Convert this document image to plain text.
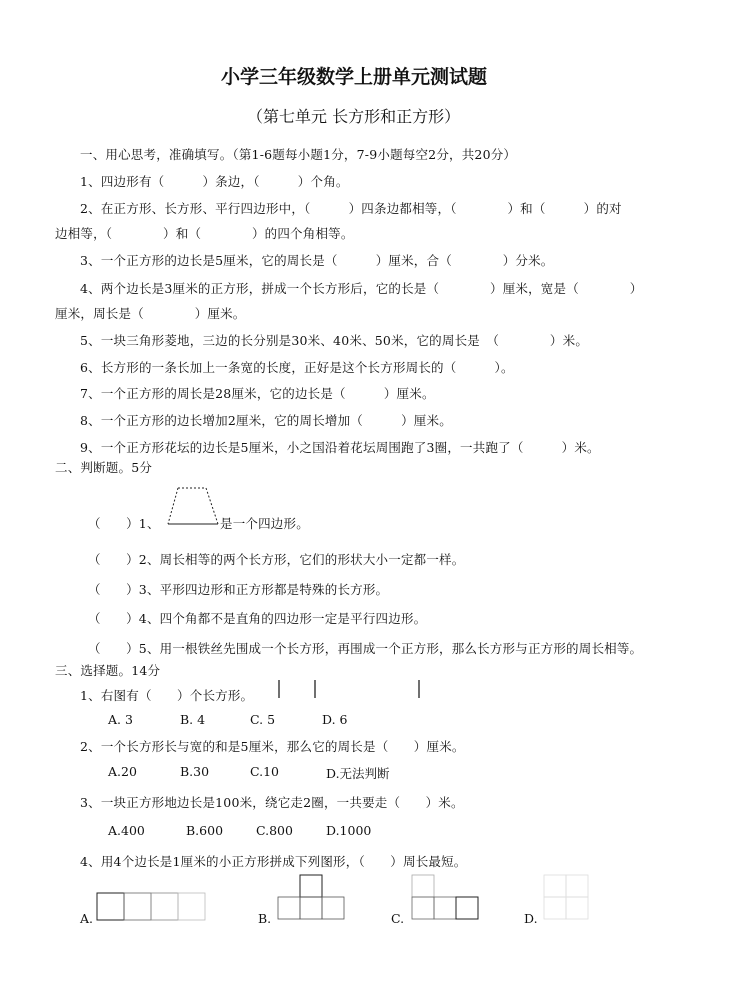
小学三年级数学上册单元测试题
（第七单元 长方形和正方形）
一、用心思考，准确填写。（第1-6题每小题1分，7-9小题每空2分，共20分）
1、四边形有（　　　）条边，（　　　）个角。
2、在正方形、长方形、平行四边形中，（　　　）四条边都相等，（　　　　）和（　　　）的对
边相等，（　　　　）和（　　　　）的四个角相等。
3、一个正方形的边长是5厘米，它的周长是（　　　）厘米，合（　　　　）分米。
4、两个边长是3厘米的正方形，拼成一个长方形后，它的长是（　　　　）厘米，宽是（　　　　）
厘米，周长是（　　　　）厘米。
5、一块三角形菱地，三边的长分别是30米、40米、50米，它的周长是　（　　　　）米。
6、长方形的一条长加上一条宽的长度，正好是这个长方形周长的（　　　）。
7、一个正方形的周长是28厘米，它的边长是（　　　）厘米。
8、一个正方形的边长增加2厘米，它的周长增加（　　　）厘米。
9、一个正方形花坛的边长是5厘米，小之国沿着花坛周围跑了3圈，一共跑了（　　　）米。
二、判断题。5分
（　　）1、	是一个四边形。
（　　）2、周长相等的两个长方形，它们的形状大小一定都一样。
（　　）3、平形四边形和正方形都是特殊的长方形。
（　　）4、四个角都不是直角的四边形一定是平行四边形。
（　　）5、用一根铁丝先围成一个长方形，再围成一个正方形，那么长方形与正方形的周长相等。
三、选择题。14分
1、右图有（　　）个长方形。
A. 3	B. 4	C. 5	D. 6
2、一个长方形长与宽的和是5厘米，那么它的周长是（　　）厘米。
A.20	B.30	C.10	D.无法判断
3、一块正方形地边长是100米，绕它走2圈，一共要走（　　）米。
A.400	B.600	C.800	D.1000
4、用4个边长是1厘米的小正方形拼成下列图形，（　　）周长最短。
A.	B.	C.	D.
